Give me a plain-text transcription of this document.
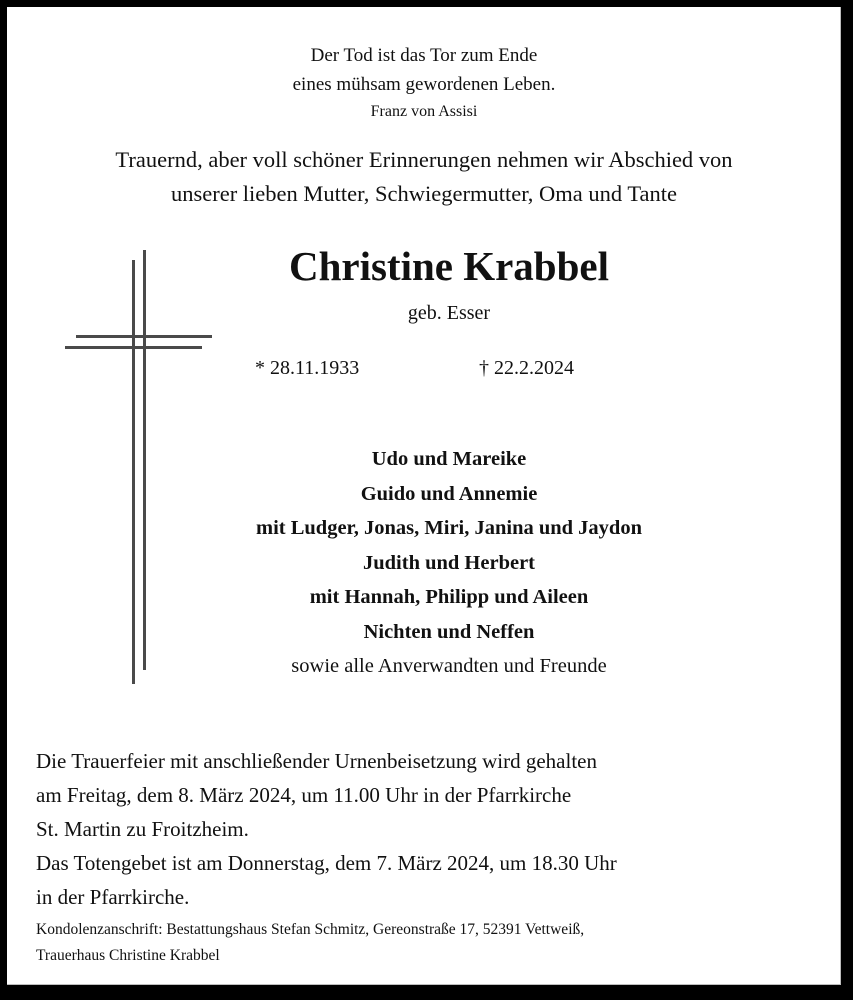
Der Tod ist das Tor zum Ende
eines mühsam gewordenen Leben.
Franz von Assisi
Trauernd, aber voll schöner Erinnerungen nehmen wir Abschied von
unserer lieben Mutter, Schwiegermutter, Oma und Tante
Christine Krabbel
geb. Esser
* 28.11.1933	† 22.2.2024
Udo und Mareike
Guido und Annemie
mit Ludger, Jonas, Miri, Janina und Jaydon
Judith und Herbert
mit Hannah, Philipp und Aileen
Nichten und Neffen
sowie alle Anverwandten und Freunde
Die Trauerfeier mit anschließender Urnenbeisetzung wird gehalten
am Freitag, dem 8. März 2024, um 11.00 Uhr in der Pfarrkirche
St. Martin zu Froitzheim.
Das Totengebet ist am Donnerstag, dem 7. März 2024, um 18.30 Uhr
in der Pfarrkirche.
Kondolenzanschrift: Bestattungshaus Stefan Schmitz, Gereonstraße 17, 52391 Vettweiß,
Trauerhaus Christine Krabbel
